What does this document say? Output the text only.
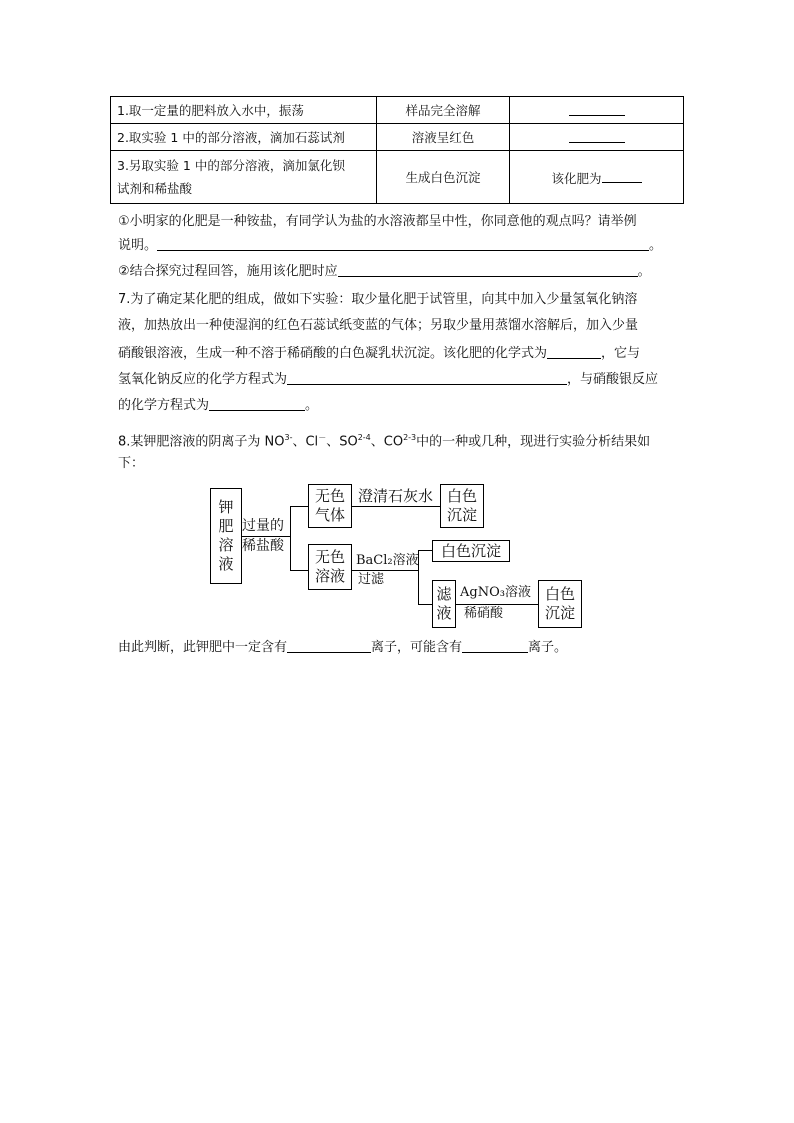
1.取一定量的肥料放入水中，振荡	样品完全溶解	
2.取实验 1 中的部分溶液，滴加石蕊试剂	溶液呈红色	
3.另取实验 1 中的部分溶液，滴加氯化钡
试剂和稀盐酸	生成白色沉淀	该化肥为
①小明家的化肥是一种铵盐，有同学认为盐的水溶液都呈中性，你同意他的观点吗？请举例
说明。	。
②结合探究过程回答，施用该化肥时应	。
7.为了确定某化肥的组成，做如下实验：取少量化肥于试管里，向其中加入少量氢氧化钠溶
液，加热放出一种使湿润的红色石蕊试纸变蓝的气体；另取少量用蒸馏水溶解后，加入少量
硝酸银溶液，生成一种不溶于稀硝酸的白色凝乳状沉淀。该化肥的化学式为	，它与
氢氧化钠反应的化学方程式为	，与硝酸银反应
的化学方程式为	。
8.某钾肥溶液的阴离子为 $NO^{3-}$、Cl－、SO$^{2-4}$、CO$^{2-3}$中的一种或几种，现进行实验分析结果如
下：
钾
肥
溶
液
过量的
稀盐酸
无色
气体
澄清石灰水 白色
沉淀
无色
溶液
BaCl₂溶液
过滤
白色沉淀
滤
液
AgNO₃溶液
稀硝酸
白色
沉淀
由此判断，此钾肥中一定含有	离子，可能含有	离子。
